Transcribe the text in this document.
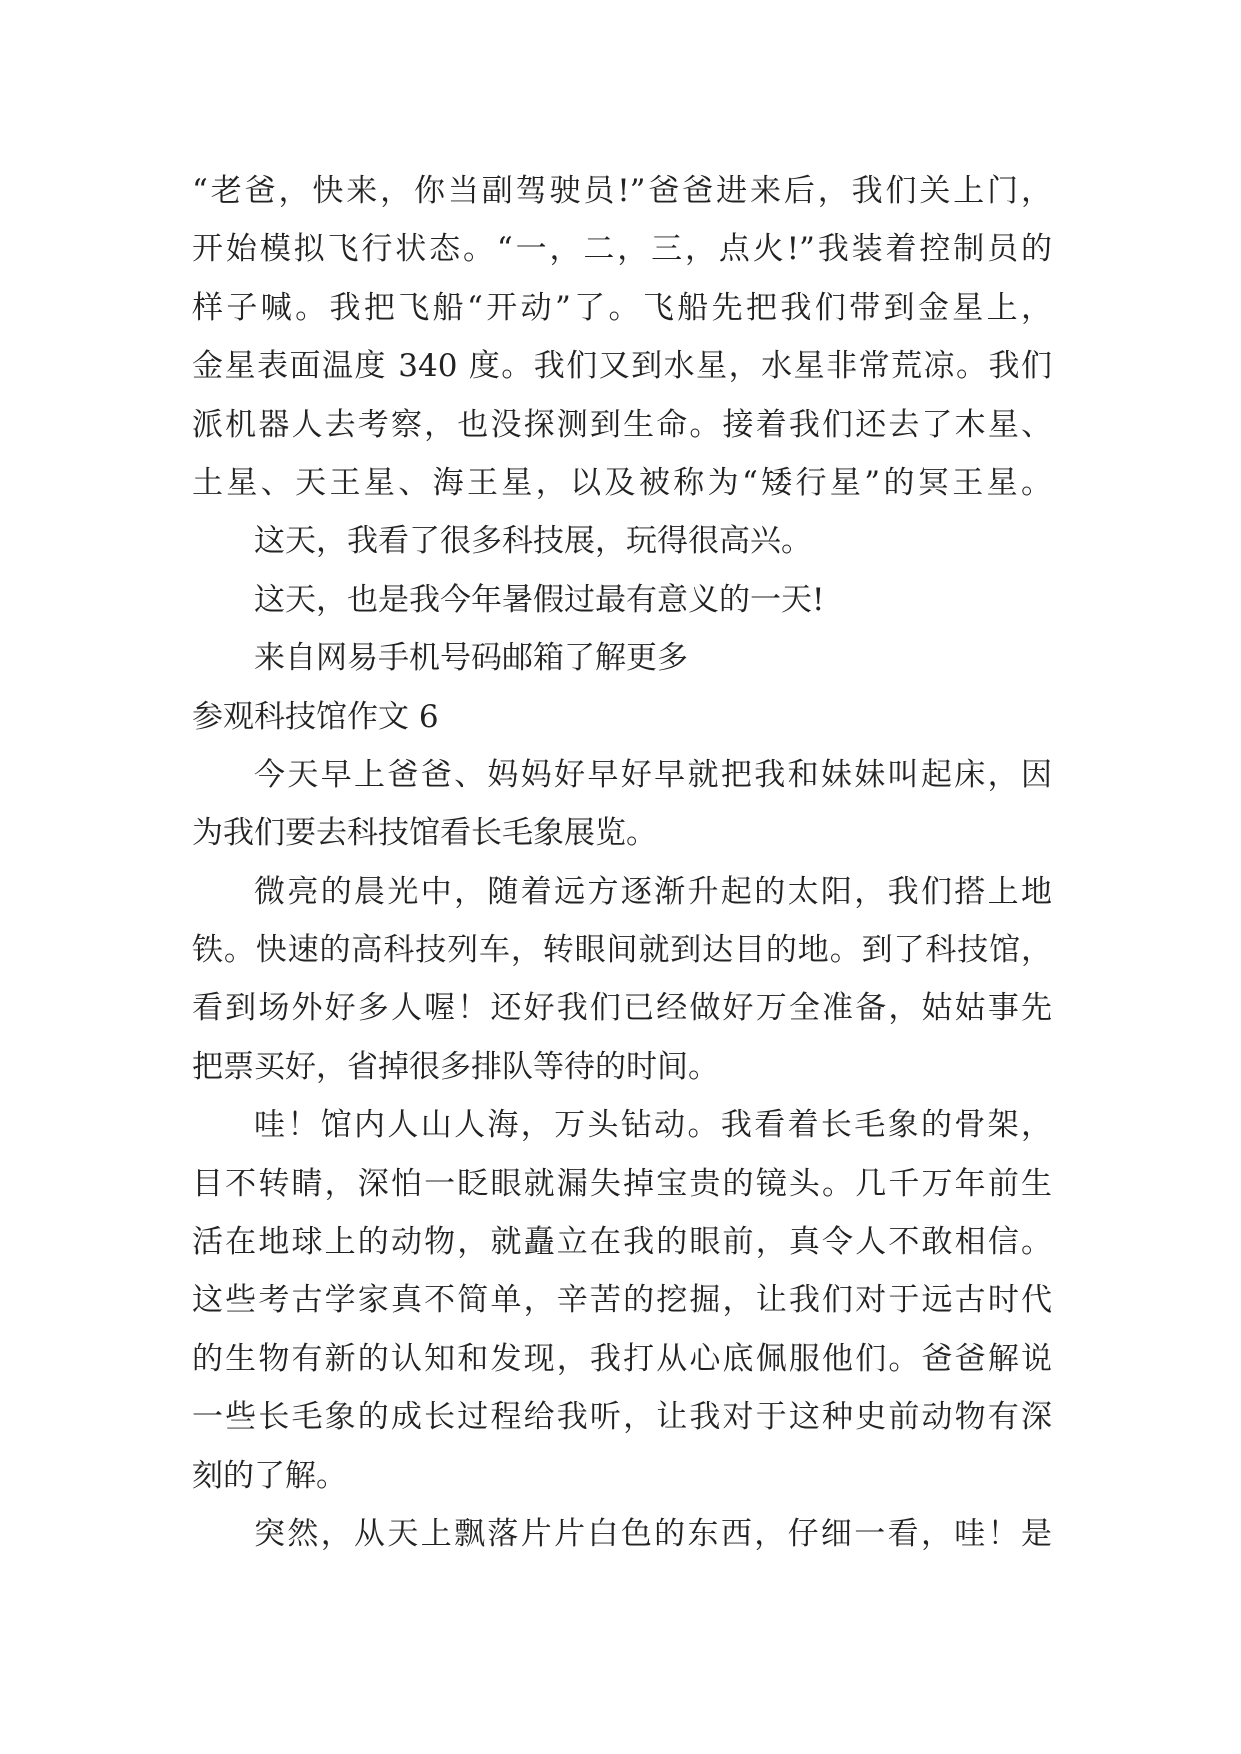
“老爸，快来，你当副驾驶员!”爸爸进来后，我们关上门，
开始模拟飞行状态。“一，二，三，点火!”我装着控制员的
样子喊。我把飞船“开动”了。飞船先把我们带到金星上，
金星表面温度 340 度。我们又到水星，水星非常荒凉。我们
派机器人去考察，也没探测到生命。接着我们还去了木星、
土星、天王星、海王星，以及被称为“矮行星”的冥王星。
这天，我看了很多科技展，玩得很高兴。
这天，也是我今年暑假过最有意义的一天!
来自网易手机号码邮箱了解更多
参观科技馆作文 6
今天早上爸爸、妈妈好早好早就把我和妹妹叫起床，因
为我们要去科技馆看长毛象展览。
微亮的晨光中，随着远方逐渐升起的太阳，我们搭上地
铁。快速的高科技列车，转眼间就到达目的地。到了科技馆，
看到场外好多人喔！还好我们已经做好万全准备，姑姑事先
把票买好，省掉很多排队等待的时间。
哇！馆内人山人海，万头钻动。我看着长毛象的骨架，
目不转睛，深怕一眨眼就漏失掉宝贵的镜头。几千万年前生
活在地球上的动物，就矗立在我的眼前，真令人不敢相信。
这些考古学家真不简单，辛苦的挖掘，让我们对于远古时代
的生物有新的认知和发现，我打从心底佩服他们。爸爸解说
一些长毛象的成长过程给我听，让我对于这种史前动物有深
刻的了解。
突然，从天上飘落片片白色的东西，仔细一看，哇！是
